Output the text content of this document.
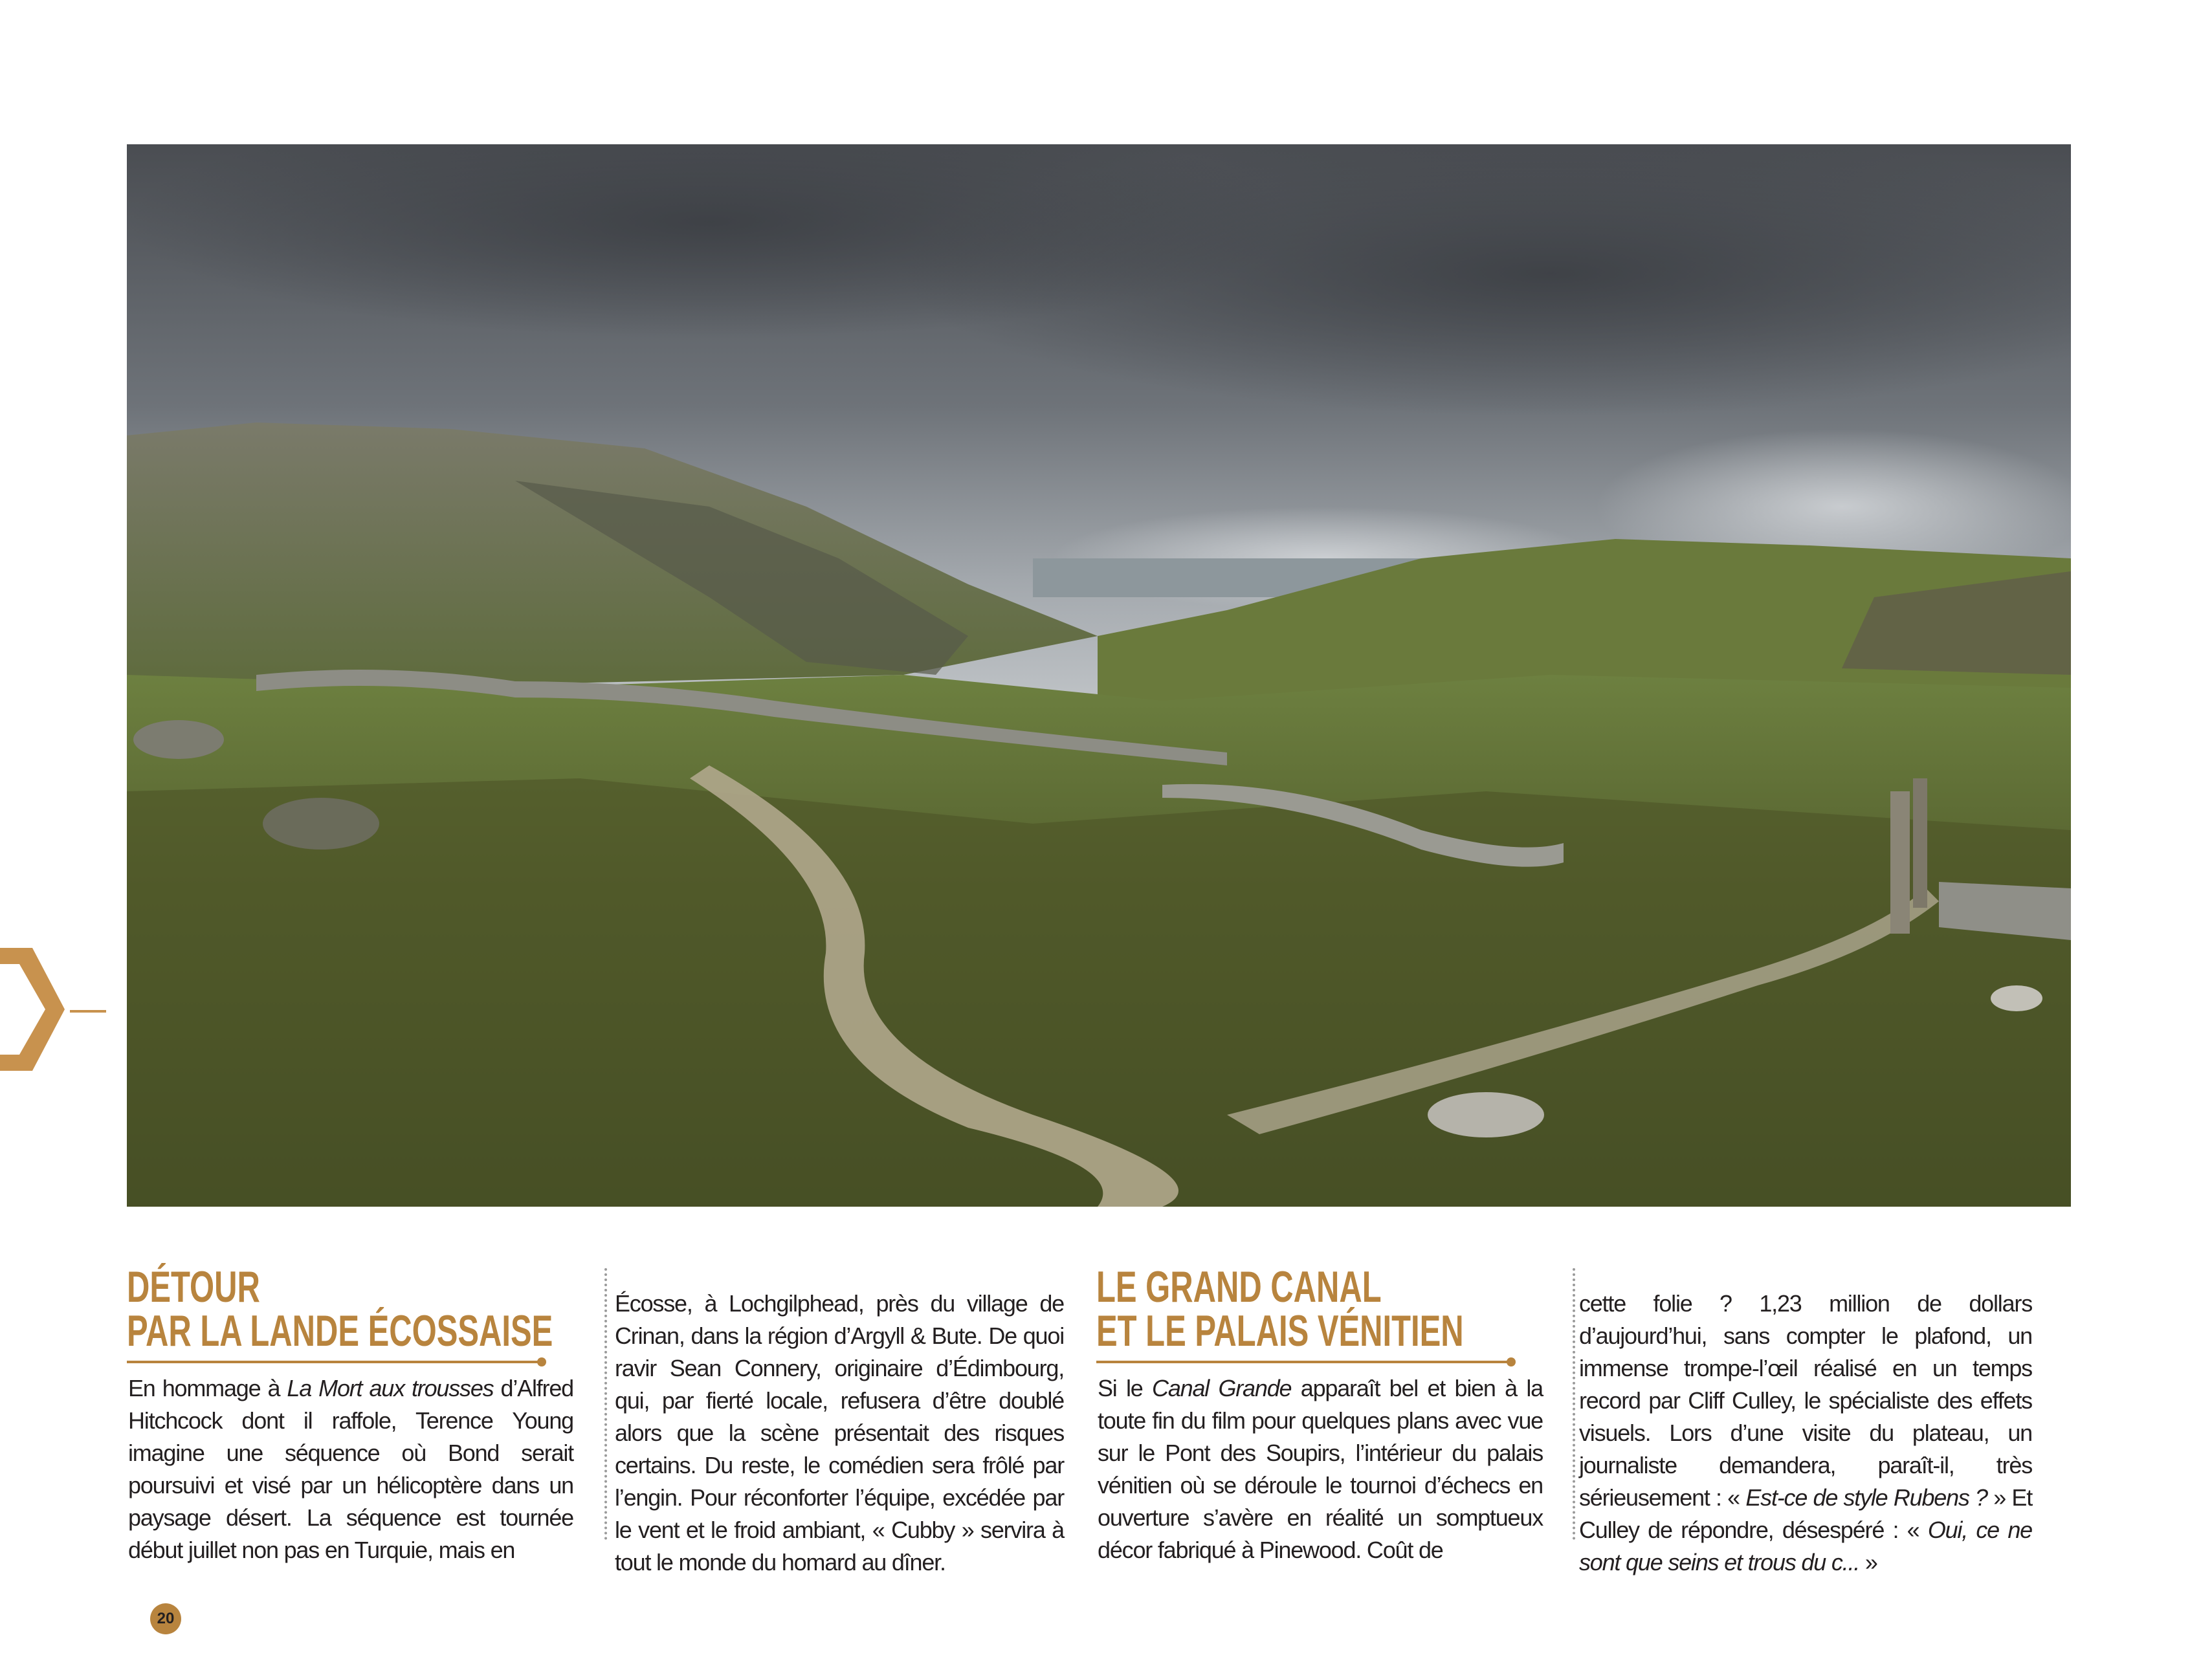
DÉTOUR
PAR LA LANDE ÉCOSSAISE

En hommage à La Mort aux trousses d’Alfred Hitchcock dont il raffole, Terence Young imagine une séquence où Bond serait poursuivi et visé par un hélicoptère dans un paysage désert. La séquence est tournée début juillet non pas en Turquie, mais en

Écosse, à Lochgilphead, près du village de Crinan, dans la région d’Argyll & Bute. De quoi ravir Sean Connery, originaire d’Édimbourg, qui, par fierté locale, refusera d’être doublé alors que la scène présentait des risques certains. Du reste, le comédien sera frôlé par l’engin. Pour réconforter l’équipe, excédée par le vent et le froid ambiant, « Cubby » servira à tout le monde du homard au dîner.

LE GRAND CANAL
ET LE PALAIS VÉNITIEN

Si le Canal Grande apparaît bel et bien à la toute fin du film pour quelques plans avec vue sur le Pont des Soupirs, l’intérieur du palais vénitien où se déroule le tournoi d’échecs en ouverture s’avère en réalité un somptueux décor fabriqué à Pinewood. Coût de

cette folie ? 1,23 million de dollars d’aujourd’hui, sans compter le plafond, un immense trompe-l’œil réalisé en un temps record par Cliff Culley, le spécialiste des effets visuels. Lors d’une visite du plateau, un journaliste demandera, paraît-il, très sérieusement : « Est-ce de style Rubens ? » Et Culley de répondre, désespéré : « Oui, ce ne sont que seins et trous du c... »

20
